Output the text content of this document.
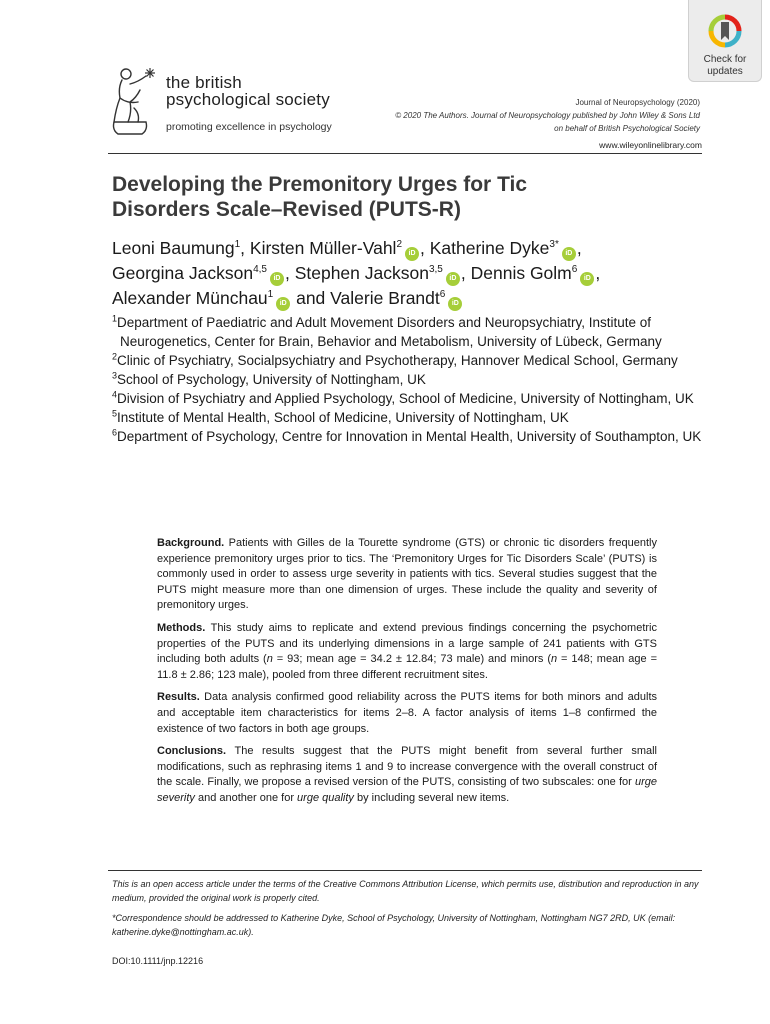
Check for
updates
the british
psychological society
promoting excellence in psychology
Journal of Neuropsychology (2020)
© 2020 The Authors. Journal of Neuropsychology published by John Wiley & Sons Ltd
on behalf of British Psychological Society
www.wileyonlinelibrary.com
Developing the Premonitory Urges for Tic
Disorders Scale–Revised (PUTS-R)
Leoni Baumung$^1$, Kirsten Müller-Vahl$^2$iD , Katherine Dyke$^{3*}$iD ,
Georgina Jackson$^{4,5}$iD , Stephen Jackson$^{3,5}$iD , Dennis Golm$^6$iD ,
Alexander Münchau$^1$iD and Valerie Brandt$^6$iD
$^1$Department of Paediatric and Adult Movement Disorders and Neuropsychiatry, Institute of Neurogenetics, Center for Brain, Behavior and Metabolism, University of Lübeck, Germany
$^2$Clinic of Psychiatry, Socialpsychiatry and Psychotherapy, Hannover Medical School, Germany
$^3$School of Psychology, University of Nottingham, UK
$^4$Division of Psychiatry and Applied Psychology, School of Medicine, University of Nottingham, UK
$^5$Institute of Mental Health, School of Medicine, University of Nottingham, UK
$^6$Department of Psychology, Centre for Innovation in Mental Health, University of Southampton, UK

Background. Patients with Gilles de la Tourette syndrome (GTS) or chronic tic disorders frequently experience premonitory urges prior to tics. The ‘Premonitory Urges for Tic Disorders Scale’ (PUTS) is commonly used in order to assess urge severity in patients with tics. Several studies suggest that the PUTS might measure more than one dimension of urges. These include the quality and severity of premonitory urges.

Methods. This study aims to replicate and extend previous findings concerning the psychometric properties of the PUTS and its underlying dimensions in a large sample of 241 patients with GTS including both adults (n = 93; mean age = 34.2 ± 12.84; 73 male) and minors (n = 148; mean age = 11.8 ± 2.86; 123 male), pooled from three different recruitment sites.

Results. Data analysis confirmed good reliability across the PUTS items for both minors and adults and acceptable item characteristics for items 2–8. A factor analysis of items 1–8 confirmed the existence of two factors in both age groups.

Conclusions. The results suggest that the PUTS might benefit from several further small modifications, such as rephrasing items 1 and 9 to increase convergence with the overall construct of the scale. Finally, we propose a revised version of the PUTS, consisting of two subscales: one for urge severity and another one for urge quality by including several new items.

This is an open access article under the terms of the Creative Commons Attribution License, which permits use, distribution and reproduction in any medium, provided the original work is properly cited.

*Correspondence should be addressed to Katherine Dyke, School of Psychology, University of Nottingham, Nottingham NG7 2RD, UK (email: katherine.dyke@nottingham.ac.uk).

DOI:10.1111/jnp.12216
